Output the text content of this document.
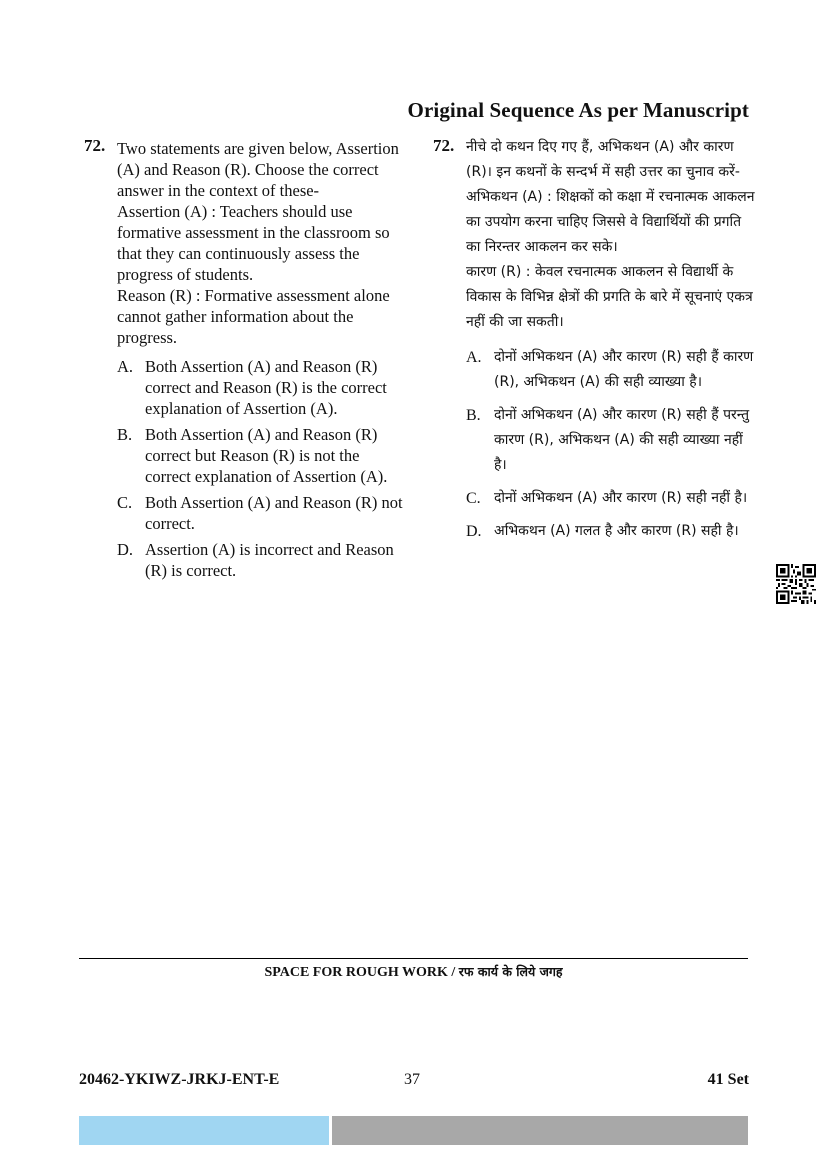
Original Sequence As per Manuscript
72. Two statements are given below, Assertion (A) and Reason (R). Choose the correct answer in the context of these-

Assertion (A) : Teachers should use formative assessment in the classroom so that they can continuously assess the progress of students.

Reason (R) : Formative assessment alone cannot gather information about the progress.

A. Both Assertion (A) and Reason (R) correct and Reason (R) is the correct explanation of Assertion (A).
B. Both Assertion (A) and Reason (R) correct but Reason (R) is not the correct explanation of Assertion (A).
C. Both Assertion (A) and Reason (R) not correct.
D. Assertion (A) is incorrect and Reason (R) is correct.
72. नीचे दो कथन दिए गए हैं, अभिकथन (A) और कारण (R)। इन कथनों के सन्दर्भ में सही उत्तर का चुनाव करें-

अभिकथन (A) : शिक्षकों को कक्षा में रचनात्मक आकलन का उपयोग करना चाहिए जिससे वे विद्यार्थियों की प्रगति का निरन्तर आकलन कर सके।

कारण (R) : केवल रचनात्मक आकलन से विद्यार्थी के विकास के विभिन्न क्षेत्रों की प्रगति के बारे में सूचनाएं एकत्र नहीं की जा सकती।

A. दोनों अभिकथन (A) और कारण (R) सही हैं कारण (R), अभिकथन (A) की सही व्याख्या है।
B. दोनों अभिकथन (A) और कारण (R) सही हैं परन्तु कारण (R), अभिकथन (A) की सही व्याख्या नहीं है।
C. दोनों अभिकथन (A) और कारण (R) सही नहीं है।
D. अभिकथन (A) गलत है और कारण (R) सही है।
SPACE FOR ROUGH WORK / रफ कार्य के लिये जगह
20462-YKIWZ-JRKJ-ENT-E	37	41 Set
